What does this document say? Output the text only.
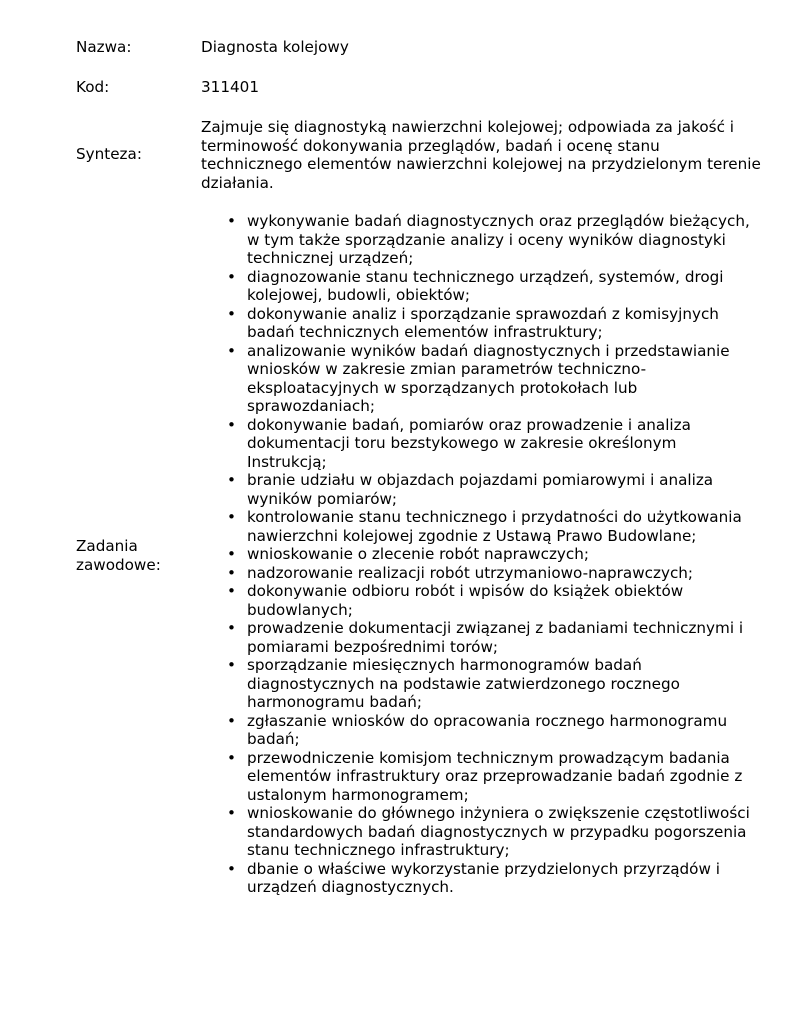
Nazwa:	Diagnosta kolejowy
Kod:	311401
Synteza:
Zajmuje się diagnostyką nawierzchni kolejowej; odpowiada za jakość i terminowość dokonywania przeglądów, badań i ocenę stanu technicznego elementów nawierzchni kolejowej na przydzielonym terenie działania.
Zadania zawodowe:
• wykonywanie badań diagnostycznych oraz przeglądów bieżących, w tym także sporządzanie analizy i oceny wyników diagnostyki technicznej urządzeń;
• diagnozowanie stanu technicznego urządzeń, systemów, drogi kolejowej, budowli, obiektów;
• dokonywanie analiz i sporządzanie sprawozdań z komisyjnych badań technicznych elementów infrastruktury;
• analizowanie wyników badań diagnostycznych i przedstawianie wniosków w zakresie zmian parametrów techniczno-eksploatacyjnych w sporządzanych protokołach lub sprawozdaniach;
• dokonywanie badań, pomiarów oraz prowadzenie i analiza dokumentacji toru bezstykowego w zakresie określonym Instrukcją;
• branie udziału w objazdach pojazdami pomiarowymi i analiza wyników pomiarów;
• kontrolowanie stanu technicznego i przydatności do użytkowania nawierzchni kolejowej zgodnie z Ustawą Prawo Budowlane;
• wnioskowanie o zlecenie robót naprawczych;
• nadzorowanie realizacji robót utrzymaniowo-naprawczych;
• dokonywanie odbioru robót i wpisów do książek obiektów budowlanych;
• prowadzenie dokumentacji związanej z badaniami technicznymi i pomiarami bezpośrednimi torów;
• sporządzanie miesięcznych harmonogramów badań diagnostycznych na podstawie zatwierdzonego rocznego harmonogramu badań;
• zgłaszanie wniosków do opracowania rocznego harmonogramu badań;
• przewodniczenie komisjom technicznym prowadzącym badania elementów infrastruktury oraz przeprowadzanie badań zgodnie z ustalonym harmonogramem;
• wnioskowanie do głównego inżyniera o zwiększenie częstotliwości standardowych badań diagnostycznych w przypadku pogorszenia stanu technicznego infrastruktury;
• dbanie o właściwe wykorzystanie przydzielonych przyrządów i urządzeń diagnostycznych.
